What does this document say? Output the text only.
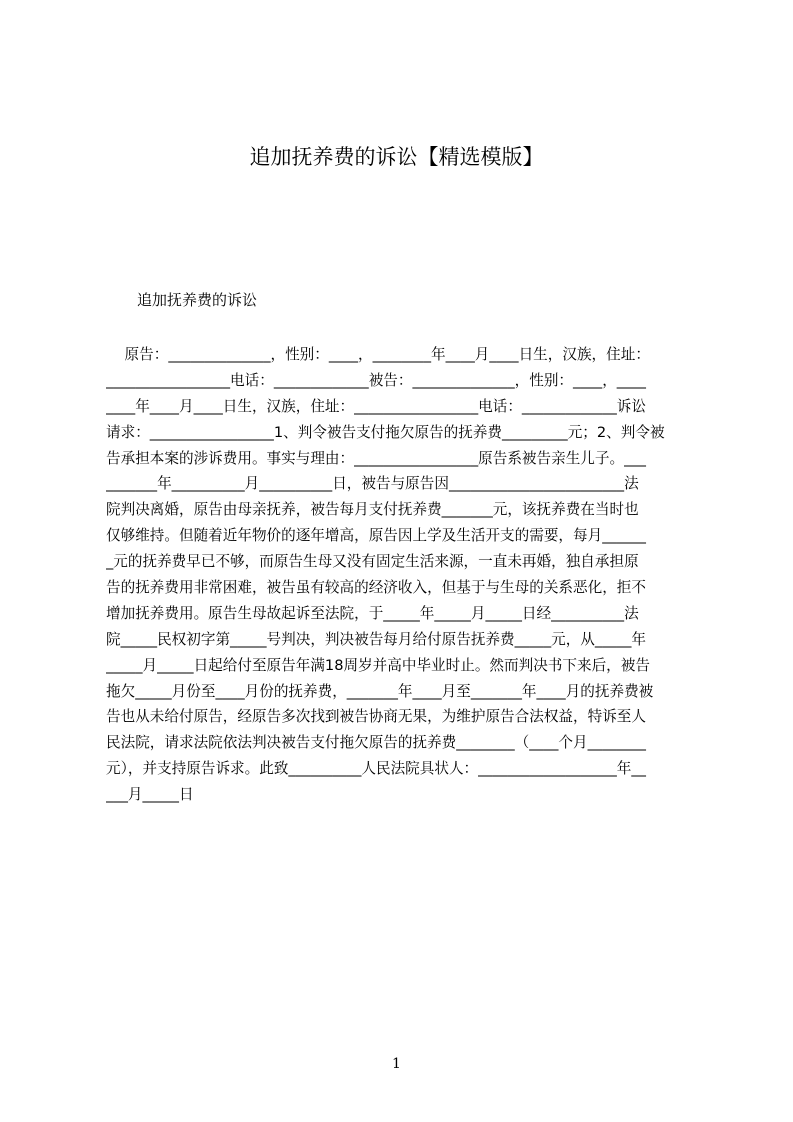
追加抚养费的诉讼【精选模版】
追加抚养费的诉讼
原告：______________，性别：____，________年____月____日生，汉族，住址：
_________________电话：_____________被告：______________，性别：____，____
____年____月____日生，汉族，住址：_________________电话：_____________诉讼
请求：_________________1、判令被告支付拖欠原告的抚养费_________元；2、判令被
告承担本案的涉诉费用。事实与理由：_________________原告系被告亲生儿子。___
_______年__________月__________日，被告与原告因________________________法
院判决离婚，原告由母亲抚养，被告每月支付抚养费_______元，该抚养费在当时也
仅够维持。但随着近年物价的逐年增高，原告因上学及生活开支的需要，每月______
_元的抚养费早已不够，而原告生母又没有固定生活来源，一直未再婚，独自承担原
告的抚养费用非常困难，被告虽有较高的经济收入，但基于与生母的关系恶化，拒不
增加抚养费用。原告生母故起诉至法院，于_____年_____月_____日经__________法
院_____民权初字第_____号判决，判决被告每月给付原告抚养费_____元，从_____年
_____月_____日起给付至原告年满18周岁并高中毕业时止。然而判决书下来后，被告
拖欠_____月份至____月份的抚养费，_______年____月至_______年____月的抚养费被
告也从未给付原告，经原告多次找到被告协商无果，为维护原告合法权益，特诉至人
民法院，请求法院依法判决被告支付拖欠原告的抚养费________（____个月________
元），并支持原告诉求。此致__________人民法院具状人：___________________年__
___月_____日
1
